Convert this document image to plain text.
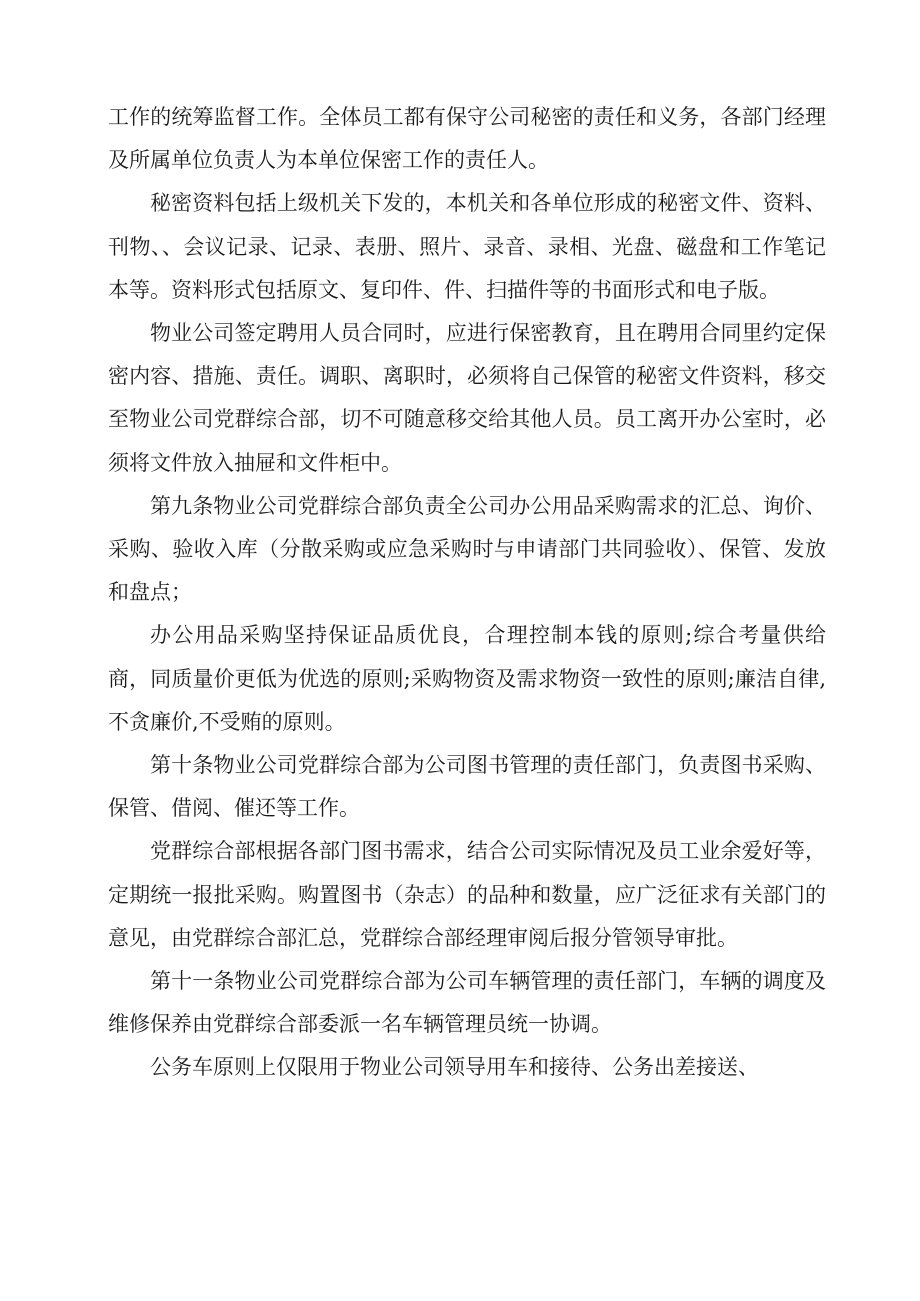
工作的统筹监督工作。全体员工都有保守公司秘密的责任和义务，各部门经理及所属单位负责人为本单位保密工作的责任人。

秘密资料包括上级机关下发的，本机关和各单位形成的秘密文件、资料、刊物、、会议记录、记录、表册、照片、录音、录相、光盘、磁盘和工作笔记本等。资料形式包括原文、复印件、件、扫描件等的书面形式和电子版。

物业公司签定聘用人员合同时，应进行保密教育，且在聘用合同里约定保密内容、措施、责任。调职、离职时，必须将自己保管的秘密文件资料，移交至物业公司党群综合部，切不可随意移交给其他人员。员工离开办公室时，必须将文件放入抽屉和文件柜中。

第九条物业公司党群综合部负责全公司办公用品采购需求的汇总、询价、采购、验收入库（分散采购或应急采购时与申请部门共同验收）、保管、发放和盘点；

办公用品采购坚持保证品质优良，合理控制本钱的原则;综合考量供给商，同质量价更低为优选的原则;采购物资及需求物资一致性的原则;廉洁自律,不贪廉价,不受贿的原则。

第十条物业公司党群综合部为公司图书管理的责任部门，负责图书采购、保管、借阅、催还等工作。

党群综合部根据各部门图书需求，结合公司实际情况及员工业余爱好等，定期统一报批采购。购置图书（杂志）的品种和数量，应广泛征求有关部门的意见，由党群综合部汇总，党群综合部经理审阅后报分管领导审批。

第十一条物业公司党群综合部为公司车辆管理的责任部门，车辆的调度及维修保养由党群综合部委派一名车辆管理员统一协调。

公务车原则上仅限用于物业公司领导用车和接待、公务出差接送、
